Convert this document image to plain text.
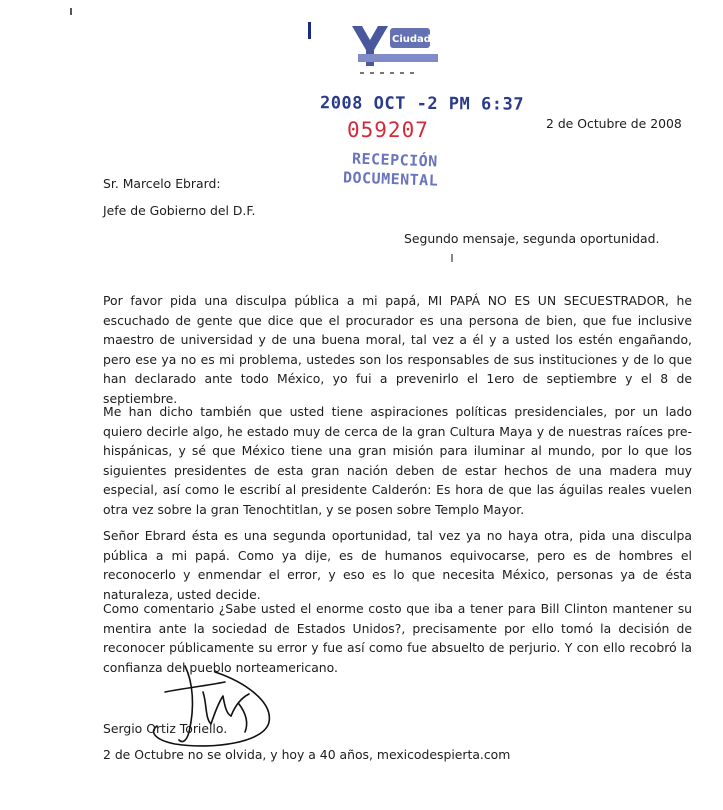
Ciudad
2008 OCT -2 PM 6:37
059207
RECEPCIÓN
DOCUMENTAL
2 de Octubre de 2008
Sr. Marcelo Ebrard:
Jefe de Gobierno del D.F.
Segundo mensaje, segunda oportunidad.

Por favor pida una disculpa pública a mi papá, MI PAPÁ NO ES UN SECUESTRADOR, he escuchado de gente que dice que el procurador es una persona de bien, que fue inclusive maestro de universidad y de una buena moral, tal vez a él y a usted los estén engañando, pero ese ya no es mi problema, ustedes son los responsables de sus instituciones y de lo que han declarado ante todo México, yo fui a prevenirlo el 1ero de septiembre y el 8 de septiembre.

Me han dicho también que usted tiene aspiraciones políticas presidenciales, por un lado quiero decirle algo, he estado muy de cerca de la gran Cultura Maya y de nuestras raíces pre-hispánicas, y sé que México tiene una gran misión para iluminar al mundo, por lo que los siguientes presidentes de esta gran nación deben de estar hechos de una madera muy especial, así como le escribí al presidente Calderón: Es hora de que las águilas reales vuelen otra vez sobre la gran Tenochtitlan, y se posen sobre Templo Mayor.

Señor Ebrard ésta es una segunda oportunidad, tal vez ya no haya otra, pida una disculpa pública a mi papá. Como ya dije, es de humanos equivocarse, pero es de hombres el reconocerlo y enmendar el error, y eso es lo que necesita México, personas ya de ésta naturaleza, usted decide.

Como comentario ¿Sabe usted el enorme costo que iba a tener para Bill Clinton mantener su mentira ante la sociedad de Estados Unidos?, precisamente por ello tomó la decisión de reconocer públicamente su error y fue así como fue absuelto de perjurio. Y con ello recobró la confianza del pueblo norteamericano.

Sergio Ortiz Toriello.
2 de Octubre no se olvida, y hoy a 40 años, mexicodespierta.com
